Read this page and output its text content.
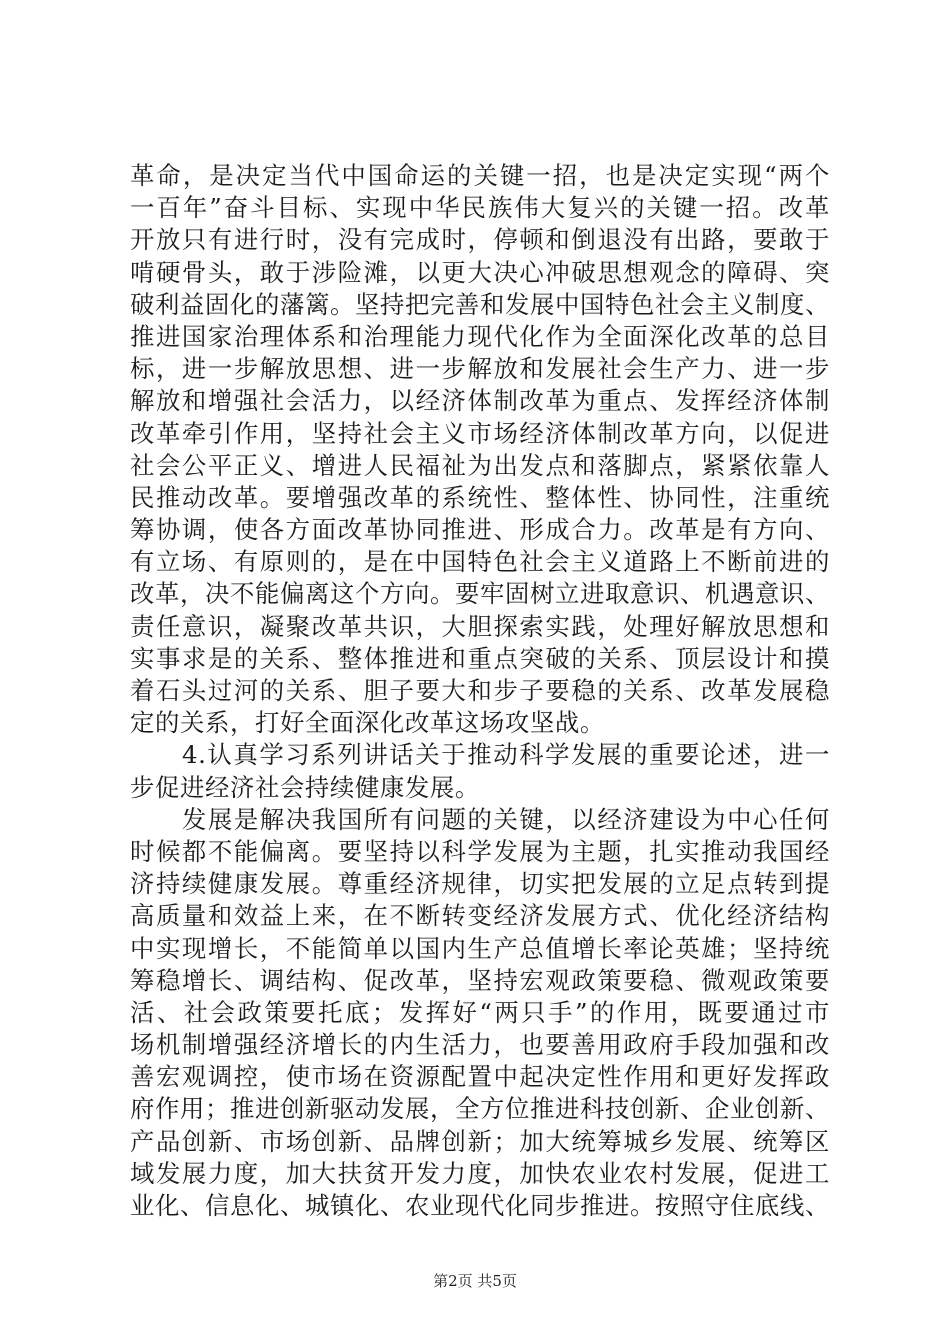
革命，是决定当代中国命运的关键一招，也是决定实现“两个
一百年”奋斗目标、实现中华民族伟大复兴的关键一招。改革
开放只有进行时，没有完成时，停顿和倒退没有出路，要敢于
啃硬骨头，敢于涉险滩，以更大决心冲破思想观念的障碍、突
破利益固化的藩篱。坚持把完善和发展中国特色社会主义制度、
推进国家治理体系和治理能力现代化作为全面深化改革的总目
标，进一步解放思想、进一步解放和发展社会生产力、进一步
解放和增强社会活力，以经济体制改革为重点、发挥经济体制
改革牵引作用，坚持社会主义市场经济体制改革方向，以促进
社会公平正义、增进人民福祉为出发点和落脚点，紧紧依靠人
民推动改革。要增强改革的系统性、整体性、协同性，注重统
筹协调，使各方面改革协同推进、形成合力。改革是有方向、
有立场、有原则的，是在中国特色社会主义道路上不断前进的
改革，决不能偏离这个方向。要牢固树立进取意识、机遇意识、
责任意识，凝聚改革共识，大胆探索实践，处理好解放思想和
实事求是的关系、整体推进和重点突破的关系、顶层设计和摸
着石头过河的关系、胆子要大和步子要稳的关系、改革发展稳
定的关系，打好全面深化改革这场攻坚战。
　　4.认真学习系列讲话关于推动科学发展的重要论述，进一
步促进经济社会持续健康发展。
　　发展是解决我国所有问题的关键，以经济建设为中心任何
时候都不能偏离。要坚持以科学发展为主题，扎实推动我国经
济持续健康发展。尊重经济规律，切实把发展的立足点转到提
高质量和效益上来，在不断转变经济发展方式、优化经济结构
中实现增长，不能简单以国内生产总值增长率论英雄；坚持统
筹稳增长、调结构、促改革，坚持宏观政策要稳、微观政策要
活、社会政策要托底；发挥好“两只手”的作用，既要通过市
场机制增强经济增长的内生活力，也要善用政府手段加强和改
善宏观调控，使市场在资源配置中起决定性作用和更好发挥政
府作用；推进创新驱动发展，全方位推进科技创新、企业创新、
产品创新、市场创新、品牌创新；加大统筹城乡发展、统筹区
域发展力度，加大扶贫开发力度，加快农业农村发展，促进工
业化、信息化、城镇化、农业现代化同步推进。按照守住底线、
第2页 共5页
